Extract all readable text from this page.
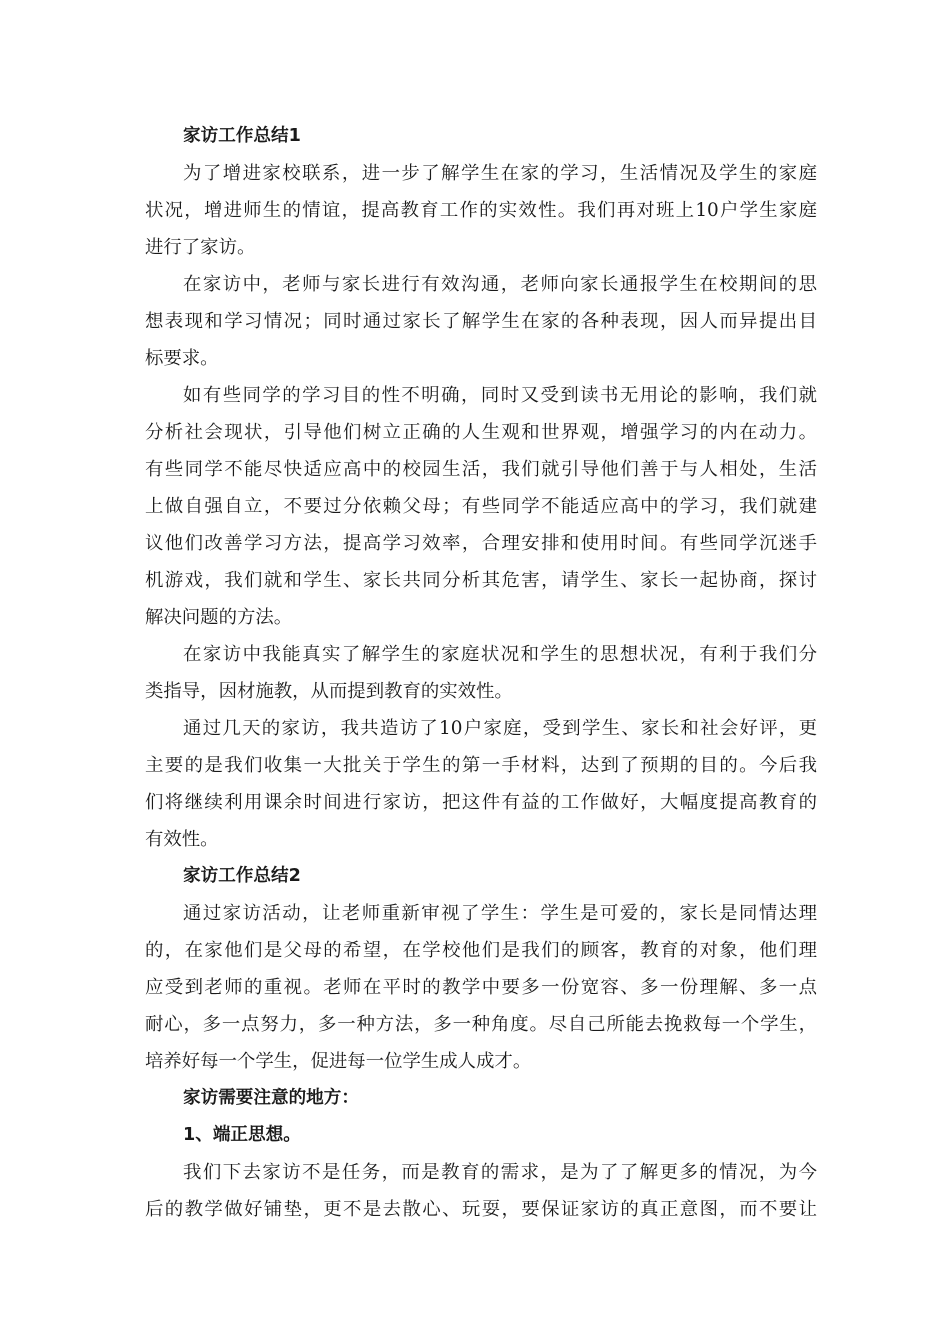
家访工作总结1
为了增进家校联系，进一步了解学生在家的学习，生活情况及学生的家庭
状况，增进师生的情谊，提高教育工作的实效性。我们再对班上10户学生家庭
进行了家访。
在家访中，老师与家长进行有效沟通，老师向家长通报学生在校期间的思
想表现和学习情况；同时通过家长了解学生在家的各种表现，因人而异提出目
标要求。
如有些同学的学习目的性不明确，同时又受到读书无用论的影响，我们就
分析社会现状，引导他们树立正确的人生观和世界观，增强学习的内在动力。
有些同学不能尽快适应高中的校园生活，我们就引导他们善于与人相处，生活
上做自强自立，不要过分依赖父母；有些同学不能适应高中的学习，我们就建
议他们改善学习方法，提高学习效率，合理安排和使用时间。有些同学沉迷手
机游戏，我们就和学生、家长共同分析其危害，请学生、家长一起协商，探讨
解决问题的方法。
在家访中我能真实了解学生的家庭状况和学生的思想状况，有利于我们分
类指导，因材施教，从而提到教育的实效性。
通过几天的家访，我共造访了10户家庭，受到学生、家长和社会好评，更
主要的是我们收集一大批关于学生的第一手材料，达到了预期的目的。今后我
们将继续利用课余时间进行家访，把这件有益的工作做好，大幅度提高教育的
有效性。
家访工作总结2
通过家访活动，让老师重新审视了学生：学生是可爱的，家长是同情达理
的，在家他们是父母的希望，在学校他们是我们的顾客，教育的对象，他们理
应受到老师的重视。老师在平时的教学中要多一份宽容、多一份理解、多一点
耐心，多一点努力，多一种方法，多一种角度。尽自己所能去挽救每一个学生，
培养好每一个学生，促进每一位学生成人成才。
家访需要注意的地方：
1、端正思想。
我们下去家访不是任务，而是教育的需求，是为了了解更多的情况，为今
后的教学做好铺垫，更不是去散心、玩耍，要保证家访的真正意图，而不要让
